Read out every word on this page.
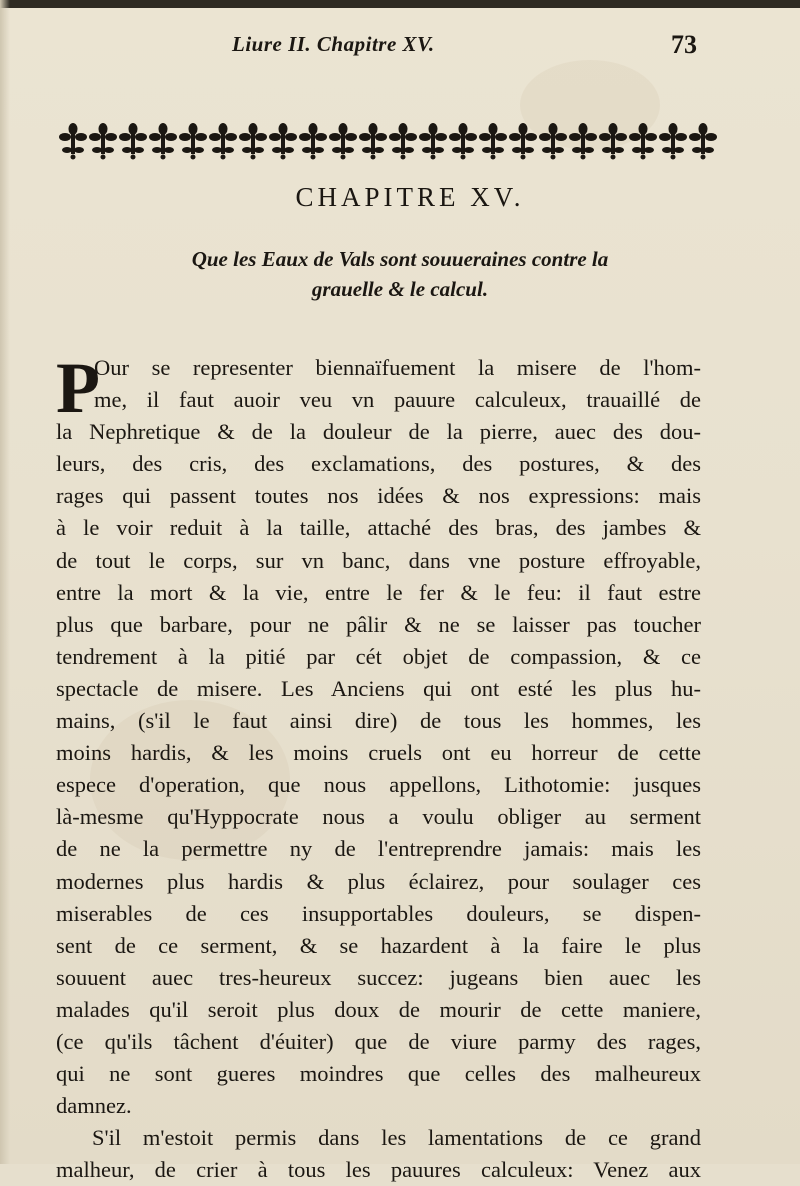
Liure II. Chapitre XV.	73
CHAPITRE XV.
Que les Eaux de Vals sont souueraines contre la
grauelle & le calcul.
P
Our se representer biennaïfuement la misere de l'hom-
me, il faut auoir veu vn pauure calculeux, trauaillé de
la Nephretique & de la douleur de la pierre, auec des dou-
leurs, des cris, des exclamations, des postures, & des
rages qui passent toutes nos idées & nos expressions: mais
à le voir reduit à la taille, attaché des bras, des jambes &
de tout le corps, sur vn banc, dans vne posture effroyable,
entre la mort & la vie, entre le fer & le feu: il faut estre
plus que barbare, pour ne pâlir & ne se laisser pas toucher
tendrement à la pitié par cét objet de compassion, & ce
spectacle de misere. Les Anciens qui ont esté les plus hu-
mains, (s'il le faut ainsi dire) de tous les hommes, les
moins hardis, & les moins cruels ont eu horreur de cette
espece d'operation, que nous appellons, Lithotomie: jusques
là-mesme qu'Hyppocrate nous a voulu obliger au serment
de ne la permettre ny de l'entreprendre jamais: mais les
modernes plus hardis & plus éclairez, pour soulager ces
miserables de ces insupportables douleurs, se dispen-
sent de ce serment, & se hazardent à la faire le plus
souuent auec tres-heureux succez: jugeans bien auec les
malades qu'il seroit plus doux de mourir de cette maniere,
(ce qu'ils tâchent d'éuiter) que de viure parmy des rages,
qui ne sont gueres moindres que celles des malheureux
damnez.
S'il m'estoit permis dans les lamentations de ce grand
malheur, de crier à tous les pauures calculeux: Venez aux
